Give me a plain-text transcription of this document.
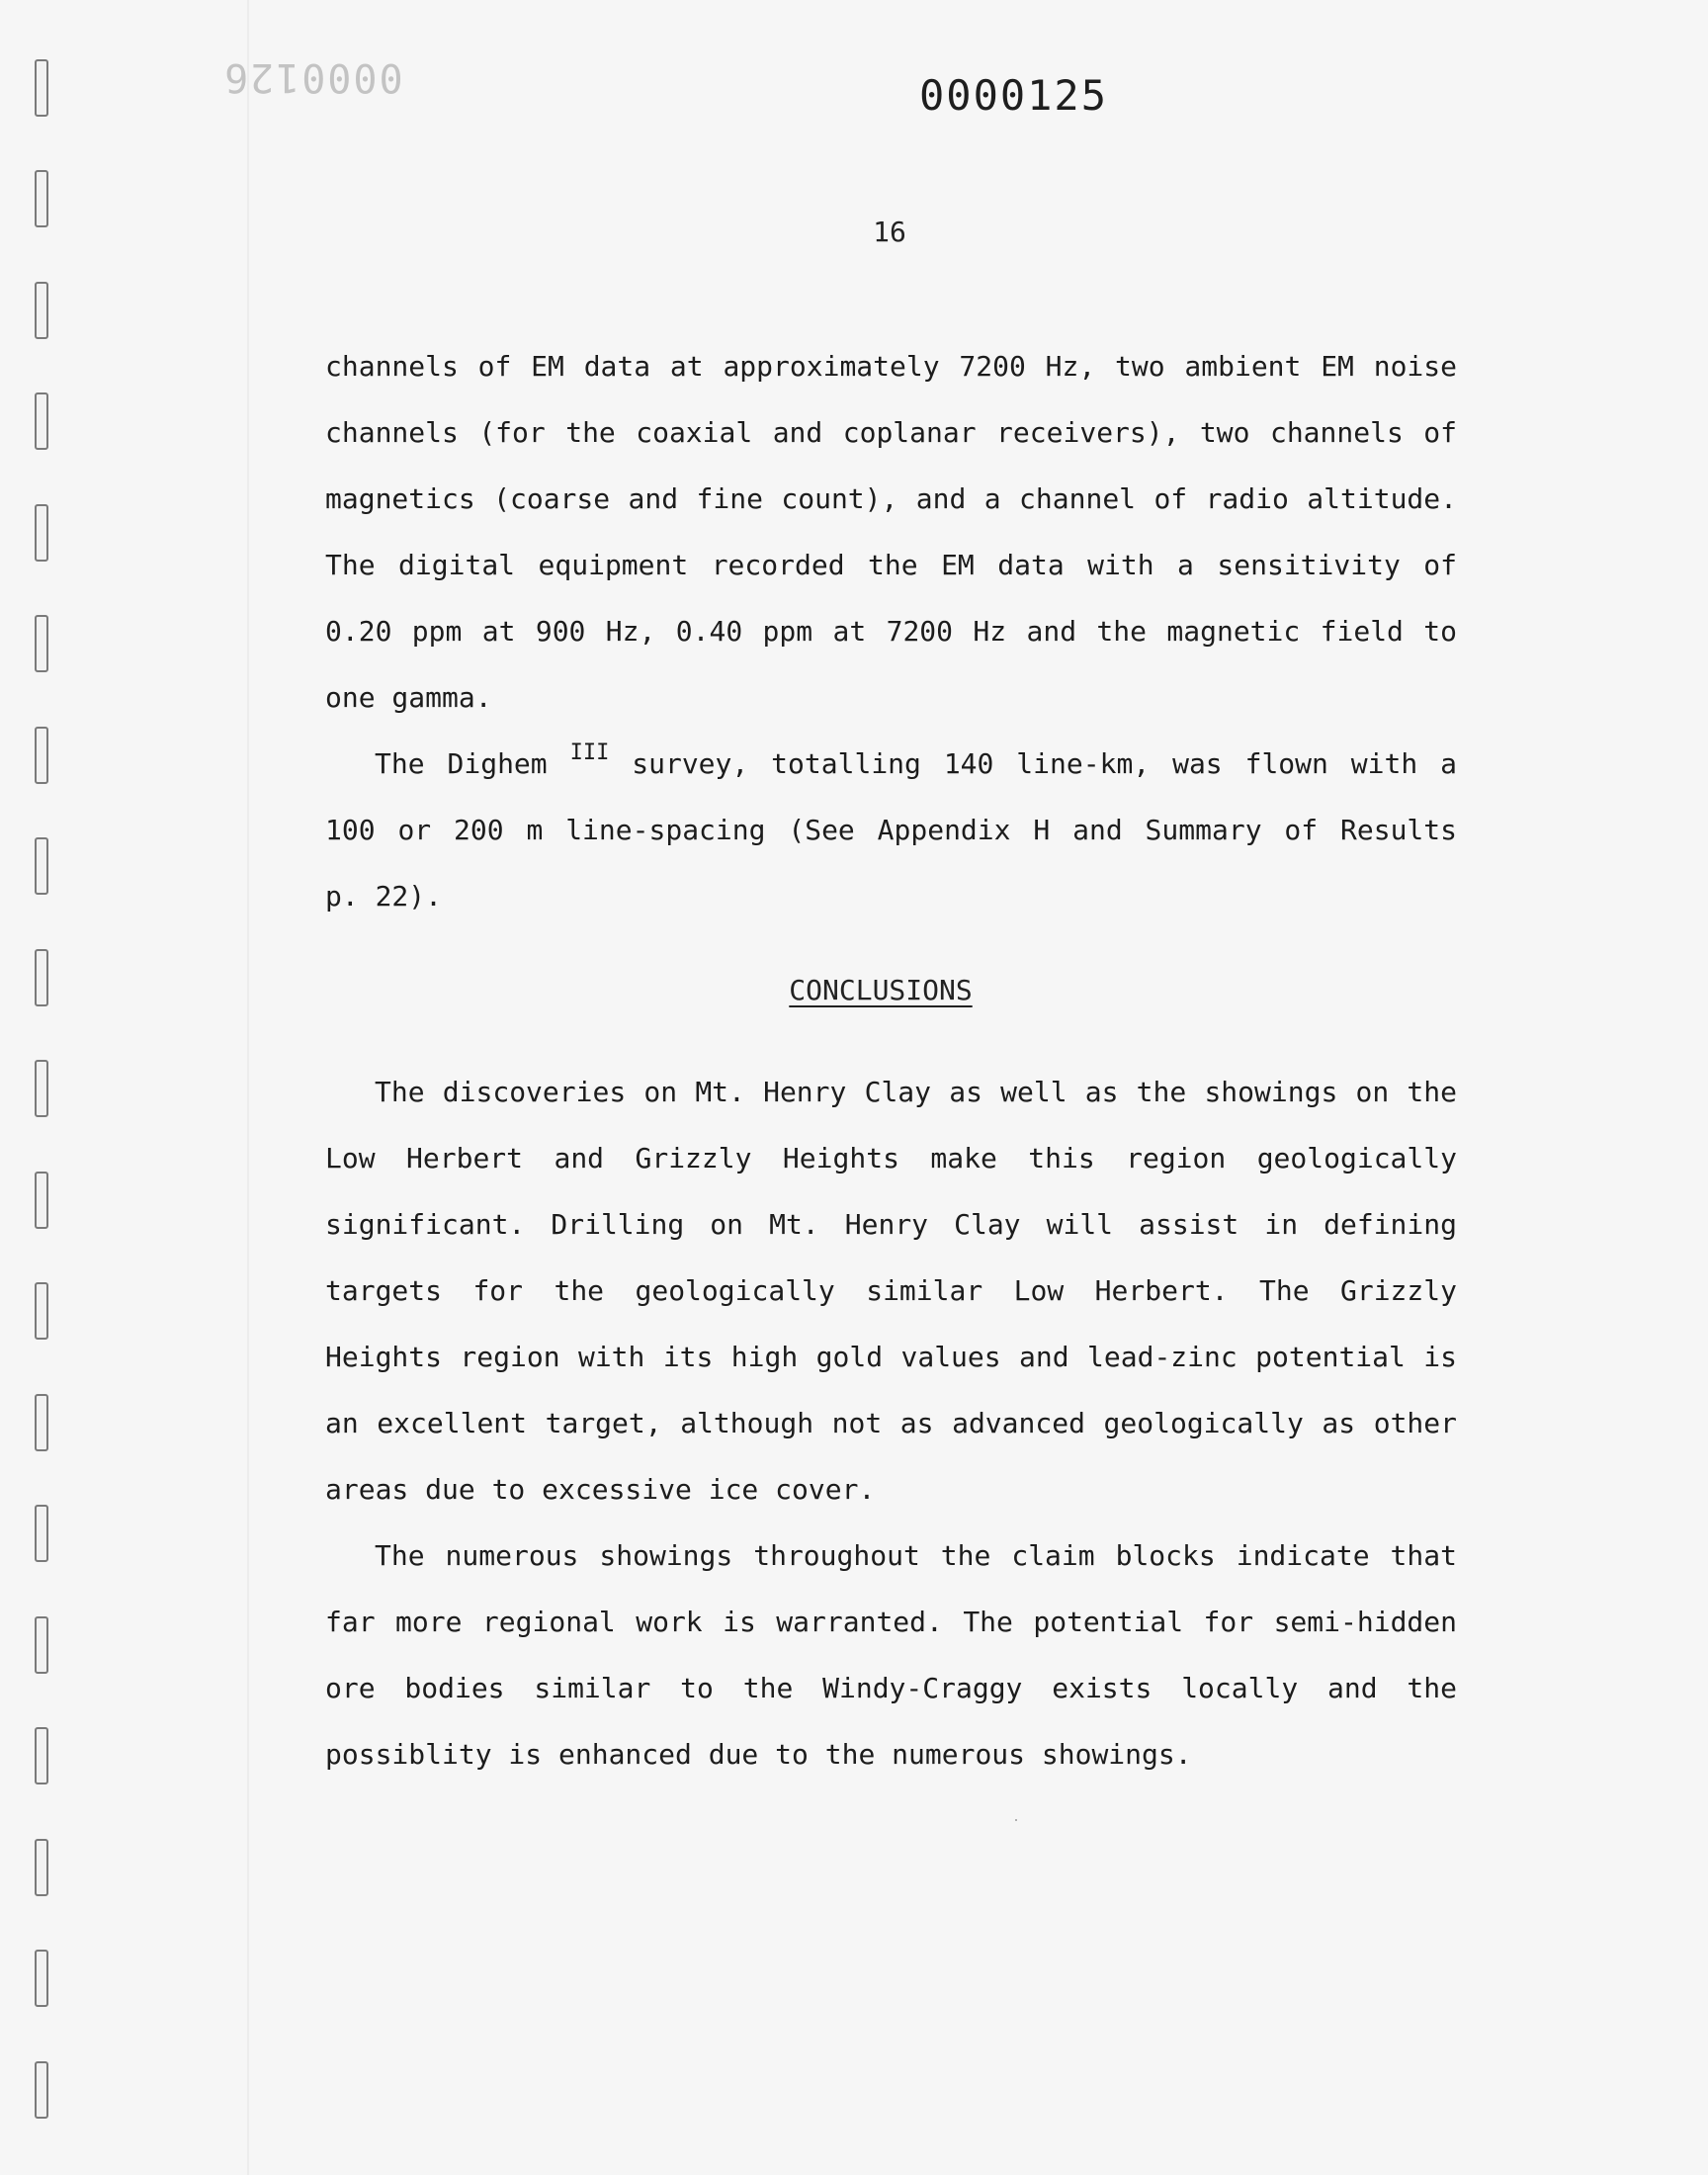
0000126	0000125
16
channels of EM data at approximately 7200 Hz, two ambient EM noise
channels (for the coaxial and coplanar receivers), two channels of
magnetics (coarse and fine count), and a channel of radio altitude.
The digital equipment recorded the EM data with a sensitivity of
0.20 ppm at 900 Hz, 0.40 ppm at 7200 Hz and the magnetic field to
one gamma.
The Dighem $^{III}$ survey, totalling 140 line-km, was flown with a
100 or 200 m line-spacing (See Appendix H and Summary of Results
p. 22).
CONCLUSIONS
The discoveries on Mt. Henry Clay as well as the showings on the
Low Herbert and Grizzly Heights make this region geologically
significant. Drilling on Mt. Henry Clay will assist in defining
targets for the geologically similar Low Herbert. The Grizzly
Heights region with its high gold values and lead-zinc potential is
an excellent target, although not as advanced geologically as other
areas due to excessive ice cover.
The numerous showings throughout the claim blocks indicate that
far more regional work is warranted. The potential for semi-hidden
ore bodies similar to the Windy-Craggy exists locally and the
possiblity is enhanced due to the numerous showings.
